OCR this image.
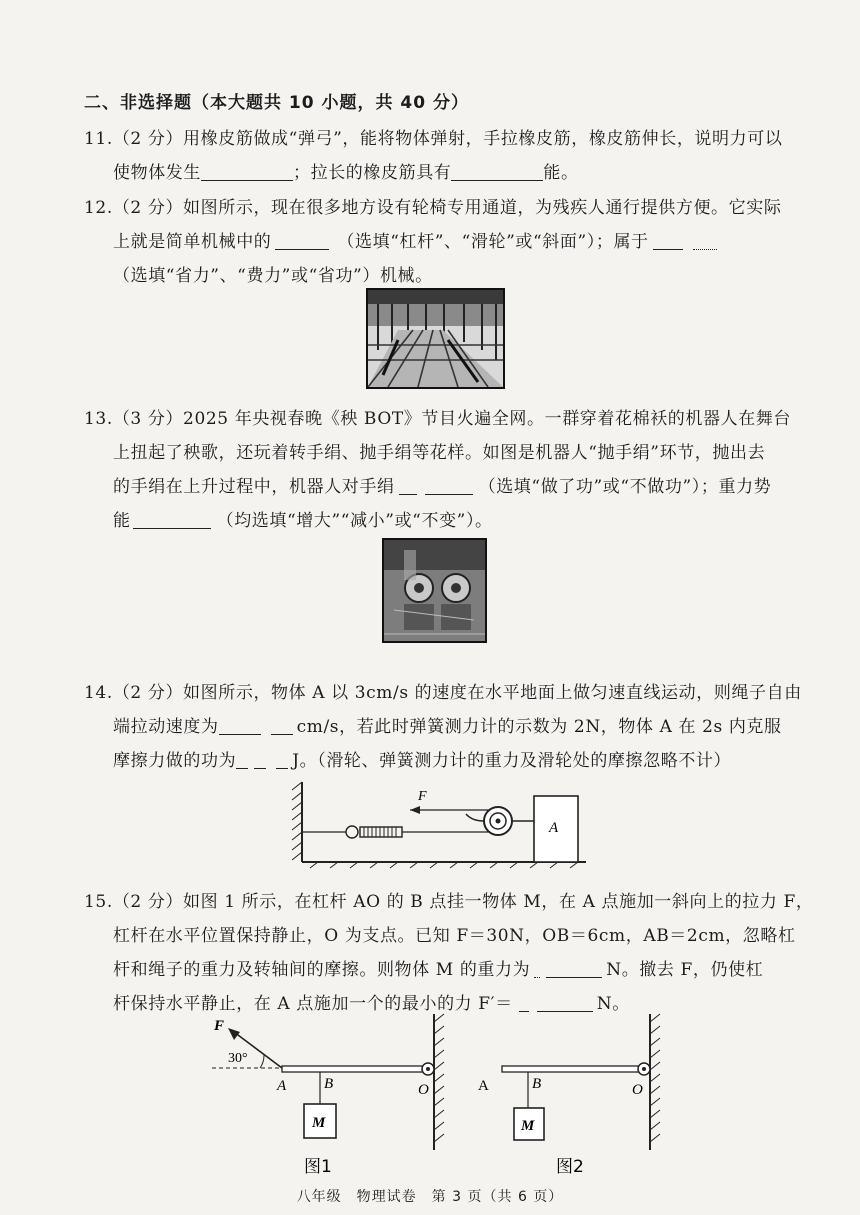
二、非选择题（本大题共 10 小题，共 40 分）
11.（2 分）用橡皮筋做成“弹弓”，能将物体弹射，手拉橡皮筋，橡皮筋伸长，说明力可以
使物体发生	；拉长的橡皮筋具有	能。
12.（2 分）如图所示，现在很多地方设有轮椅专用通道，为残疾人通行提供方便。它实际
上就是简单机械中的	（选填“杠杆”、“滑轮”或“斜面”）；属于
（选填“省力”、“费力”或“省功”）机械。
13.（3 分）2025 年央视春晚《秧 BOT》节目火遍全网。一群穿着花棉袄的机器人在舞台
上扭起了秧歌，还玩着转手绢、抛手绢等花样。如图是机器人“抛手绢”环节，抛出去
的手绢在上升过程中，机器人对手绢	（选填“做了功”或“不做功”）；重力势
能	（均选填“增大”“减小”或“不变”）。
14.（2 分）如图所示，物体 A 以 3cm/s 的速度在水平地面上做匀速直线运动，则绳子自由
端拉动速度为	cm/s，若此时弹簧测力计的示数为 2N，物体 A 在 2s 内克服
摩擦力做的功为	J。（滑轮、弹簧测力计的重力及滑轮处的摩擦忽略不计）
F
A
15.（2 分）如图 1 所示，在杠杆 AO 的 B 点挂一物体 M，在 A 点施加一斜向上的拉力 F，
杠杆在水平位置保持静止，O 为支点。已知 F＝30N，OB＝6cm，AB＝2cm，忽略杠
杆和绳子的重力及转轴间的摩擦。则物体 M 的重力为	N。撤去 F，仍使杠
杆保持水平静止，在 A 点施加一个的最小的力 F′＝	N。
F
30°
A	B	O
M
图1
A	B	O
M
图2
八年级　物理试卷　第 3 页（共 6 页）
